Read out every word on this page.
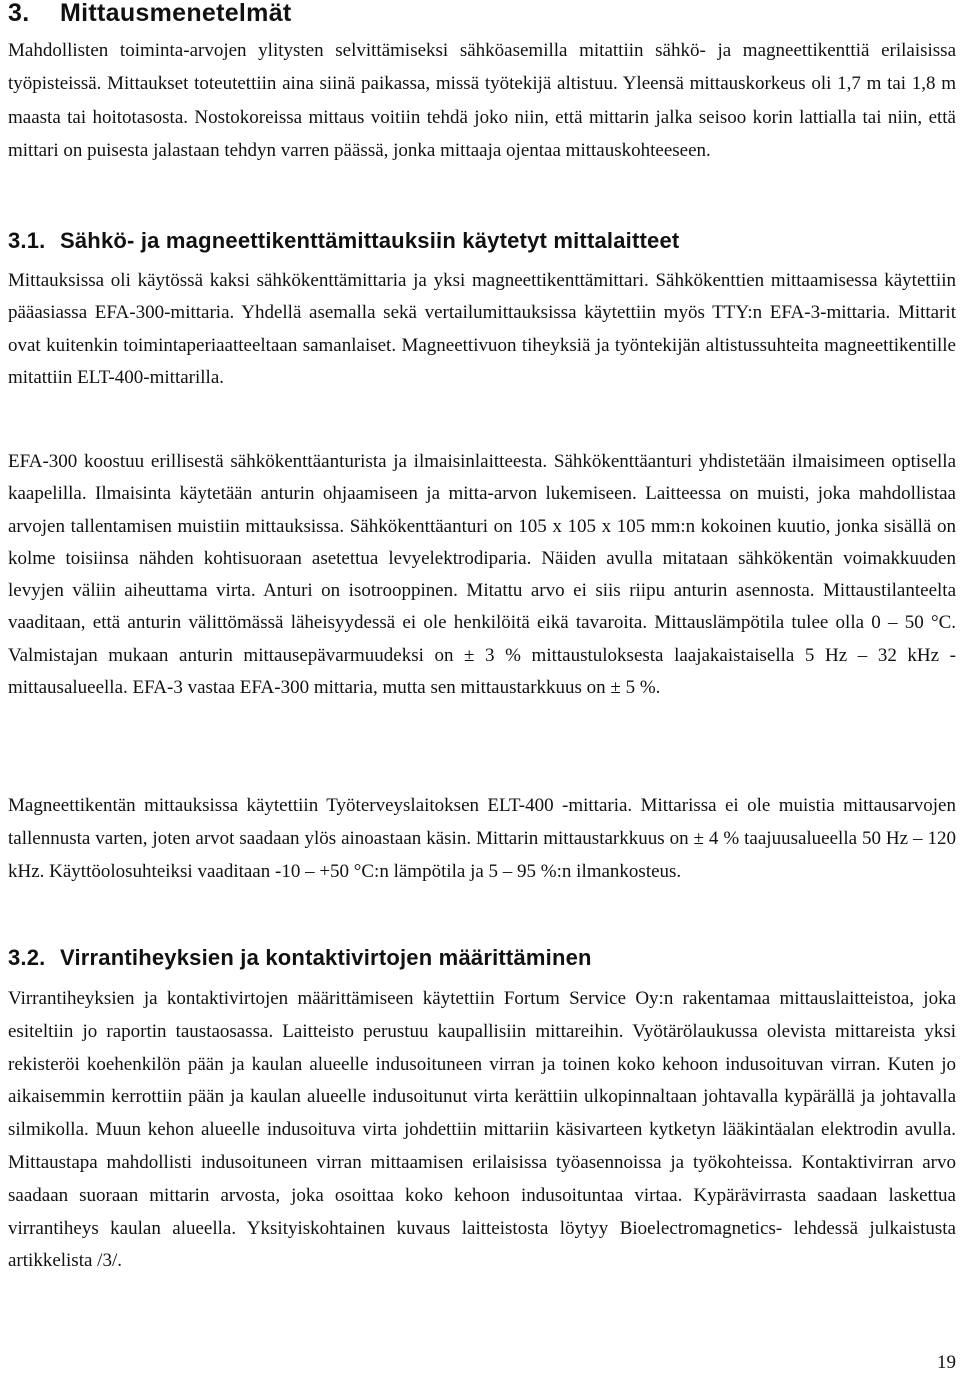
3. Mittausmenetelmät

Mahdollisten toiminta-arvojen ylitysten selvittämiseksi sähköasemilla mitattiin sähkö- ja magneettikenttiä erilaisissa työpisteissä. Mittaukset toteutettiin aina siinä paikassa, missä työtekijä altistuu. Yleensä mittauskorkeus oli 1,7 m tai 1,8 m maasta tai hoitotasosta. Nostokoreissa mittaus voitiin tehdä joko niin, että mittarin jalka seisoo korin lattialla tai niin, että mittari on puisesta jalastaan tehdyn varren päässä, jonka mittaaja ojentaa mittauskohteeseen.

3.1. Sähkö- ja magneettikenttämittauksiin käytetyt mittalaitteet

Mittauksissa oli käytössä kaksi sähkökenttämittaria ja yksi magneettikenttämittari. Sähkökenttien mittaamisessa käytettiin pääasiassa EFA-300-mittaria. Yhdellä asemalla sekä vertailumittauksissa käytettiin myös TTY:n EFA-3-mittaria. Mittarit ovat kuitenkin toimintaperiaatteeltaan samanlaiset. Magneettivuon tiheyksiä ja työntekijän altistussuhteita magneettikentille mitattiin ELT-400-mittarilla.

EFA-300 koostuu erillisestä sähkökenttäanturista ja ilmaisinlaitteesta. Sähkökenttäanturi yhdistetään ilmaisimeen optisella kaapelilla. Ilmaisinta käytetään anturin ohjaamiseen ja mitta-arvon lukemiseen. Laitteessa on muisti, joka mahdollistaa arvojen tallentamisen muistiin mittauksissa. Sähkökenttäanturi on 105 x 105 x 105 mm:n kokoinen kuutio, jonka sisällä on kolme toisiinsa nähden kohtisuoraan asetettua levyelektrodiparia. Näiden avulla mitataan sähkökentän voimakkuuden levyjen väliin aiheuttama virta. Anturi on isotrooppinen. Mitattu arvo ei siis riipu anturin asennosta. Mittaustilanteelta vaaditaan, että anturin välittömässä läheisyydessä ei ole henkilöitä eikä tavaroita. Mittauslämpötila tulee olla 0 – 50 °C. Valmistajan mukaan anturin mittausepävarmuudeksi on ± 3 % mittaustuloksesta laajakaistaisella 5 Hz – 32 kHz -mittausalueella. EFA-3 vastaa EFA-300 mittaria, mutta sen mittaustarkkuus on ± 5 %.

Magneettikentän mittauksissa käytettiin Työterveyslaitoksen ELT-400 -mittaria. Mittarissa ei ole muistia mittausarvojen tallennusta varten, joten arvot saadaan ylös ainoastaan käsin. Mittarin mittaustarkkuus on ± 4 % taajuusalueella 50 Hz – 120 kHz. Käyttöolosuhteiksi vaaditaan -10 – +50 °C:n lämpötila ja 5 – 95 %:n ilmankosteus.

3.2. Virrantiheyksien ja kontaktivirtojen määrittäminen

Virrantiheyksien ja kontaktivirtojen määrittämiseen käytettiin Fortum Service Oy:n rakentamaa mittauslaitteistoa, joka esiteltiin jo raportin taustaosassa. Laitteisto perustuu kaupallisiin mittareihin. Vyötärölaukussa olevista mittareista yksi rekisteröi koehenkilön pään ja kaulan alueelle indusoituneen virran ja toinen koko kehoon indusoituvan virran. Kuten jo aikaisemmin kerrottiin pään ja kaulan alueelle indusoitunut virta kerättiin ulkopinnaltaan johtavalla kypärällä ja johtavalla silmikolla. Muun kehon alueelle indusoituva virta johdettiin mittariin käsivarteen kytketyn lääkintäalan elektrodin avulla. Mittaustapa mahdollisti indusoituneen virran mittaamisen erilaisissa työasennoissa ja työkohteissa. Kontaktivirran arvo saadaan suoraan mittarin arvosta, joka osoittaa koko kehoon indusoituntaa virtaa. Kypärävirrasta saadaan laskettua virrantiheys kaulan alueella. Yksityiskohtainen kuvaus laitteistosta löytyy Bioelectromagnetics- lehdessä julkaistusta artikkelista /3/.

19
